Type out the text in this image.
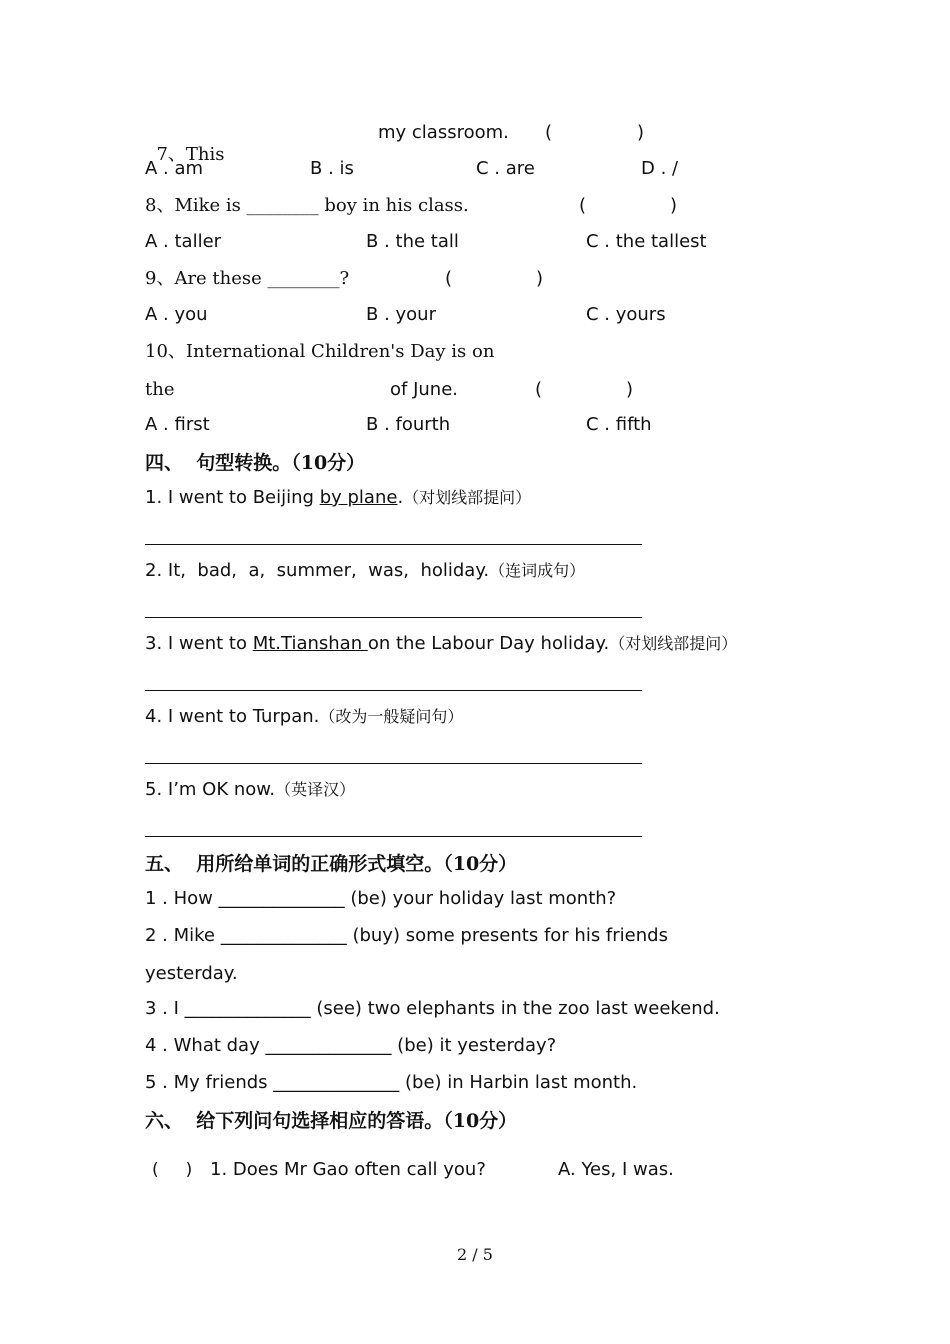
7、This

my classroom. (	)
A . am	B . is	C . are	D . /
8、Mike is ________ boy in his class.	(	)
A . taller	B . the tall	C . the tallest
9、Are these ________?	(	)
A . you	B . your	C . yours
10、International Children's Day is on
the	of June.	(	)
A . first	B . fourth	C . fifth
四、  句型转换。（10分）
1. I went to Beijing by plane.（对划线部提问）
2. It,  bad,  a,  summer,  was,  holiday.（连词成句）
3. I went to Mt.Tianshan on the Labour Day holiday.（对划线部提问）
4. I went to Turpan.（改为一般疑问句）
5. I’m OK now.（英译汉）
五、  用所给单词的正确形式填空。（10分）
1 . How ______________ (be) your holiday last month?
2 . Mike ______________ (buy) some presents for his friends
yesterday.
3 . I ______________ (see) two elephants in the zoo last weekend.
4 . What day ______________ (be) it yesterday?
5 . My friends ______________ (be) in Harbin last month.
六、  给下列问句选择相应的答语。（10分）
(     ) 1. Does Mr Gao often call you?	A. Yes, I was.
2 / 5
